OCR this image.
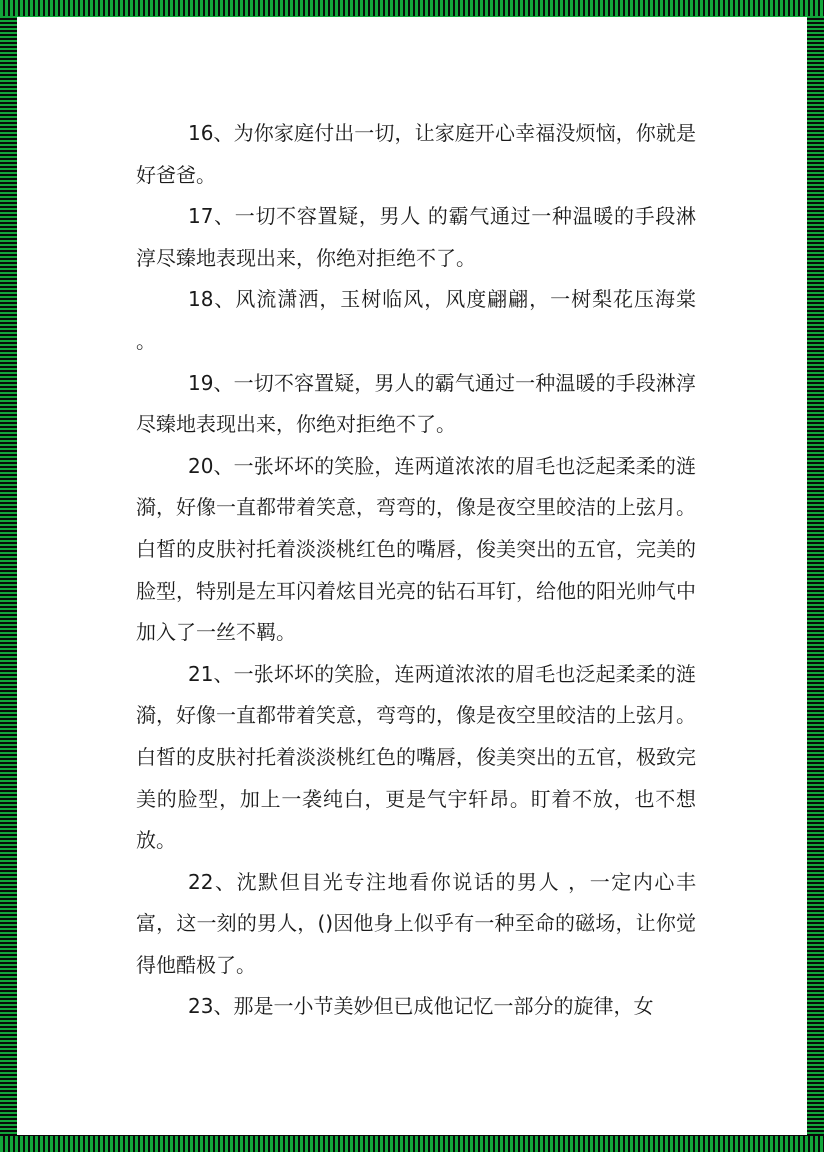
16、为你家庭付出一切，让家庭开心幸福没烦恼，你就是好爸爸。

17、一切不容置疑，男人 的霸气通过一种温暖的手段淋淳尽臻地表现出来，你绝对拒绝不了。

18、风流潇洒，玉树临风，风度翩翩，一树梨花压海棠 。

19、一切不容置疑，男人的霸气通过一种温暖的手段淋淳尽臻地表现出来，你绝对拒绝不了。

20、一张坏坏的笑脸，连两道浓浓的眉毛也泛起柔柔的涟漪，好像一直都带着笑意，弯弯的，像是夜空里皎洁的上弦月。白皙的皮肤衬托着淡淡桃红色的嘴唇，俊美突出的五官，完美的脸型，特别是左耳闪着炫目光亮的钻石耳钉，给他的阳光帅气中加入了一丝不羁。

21、一张坏坏的笑脸，连两道浓浓的眉毛也泛起柔柔的涟漪，好像一直都带着笑意，弯弯的，像是夜空里皎洁的上弦月。白皙的皮肤衬托着淡淡桃红色的嘴唇，俊美突出的五官，极致完美的脸型，加上一袭纯白，更是气宇轩昂。盯着不放，也不想放。

22、沈默但目光专注地看你说话的男人 ，一定内心丰富，这一刻的男人，()因他身上似乎有一种至命的磁场，让你觉得他酷极了。

23、那是一小节美妙但已成他记忆一部分的旋律，女
